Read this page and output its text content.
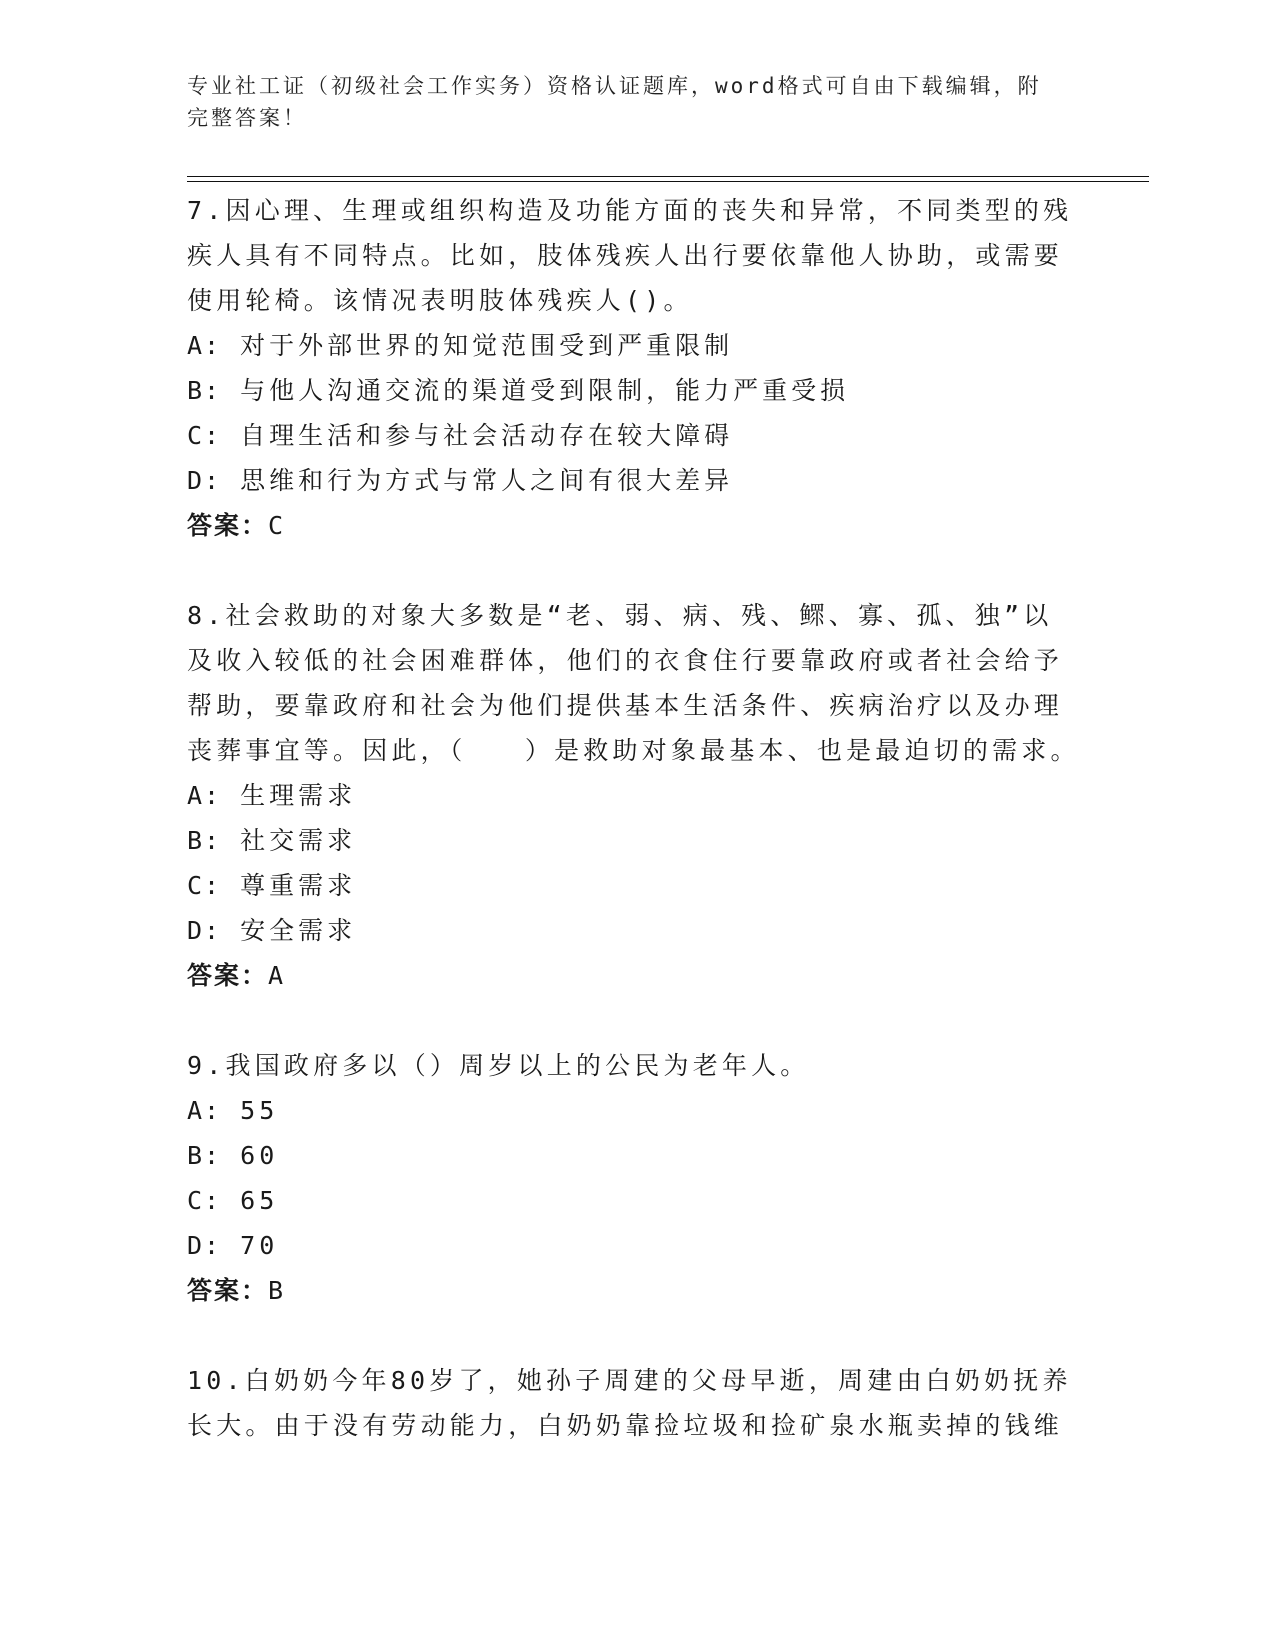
专业社工证（初级社会工作实务）资格认证题库，word格式可自由下载编辑，附
完整答案！
7.因心理、生理或组织构造及功能方面的丧失和异常，不同类型的残
疾人具有不同特点。比如，肢体残疾人出行要依靠他人协助，或需要
使用轮椅。该情况表明肢体残疾人()。
A: 对于外部世界的知觉范围受到严重限制
B: 与他人沟通交流的渠道受到限制，能力严重受损
C: 自理生活和参与社会活动存在较大障碍
D: 思维和行为方式与常人之间有很大差异
答案：C
8.社会救助的对象大多数是“老、弱、病、残、鳏、寡、孤、独”以
及收入较低的社会困难群体，他们的衣食住行要靠政府或者社会给予
帮助，要靠政府和社会为他们提供基本生活条件、疾病治疗以及办理
丧葬事宜等。因此，（　　）是救助对象最基本、也是最迫切的需求。
A: 生理需求
B: 社交需求
C: 尊重需求
D: 安全需求
答案：A
9.我国政府多以（）周岁以上的公民为老年人。
A: 55
B: 60
C: 65
D: 70
答案：B
10.白奶奶今年80岁了，她孙子周建的父母早逝，周建由白奶奶抚养
长大。由于没有劳动能力，白奶奶靠捡垃圾和捡矿泉水瓶卖掉的钱维
